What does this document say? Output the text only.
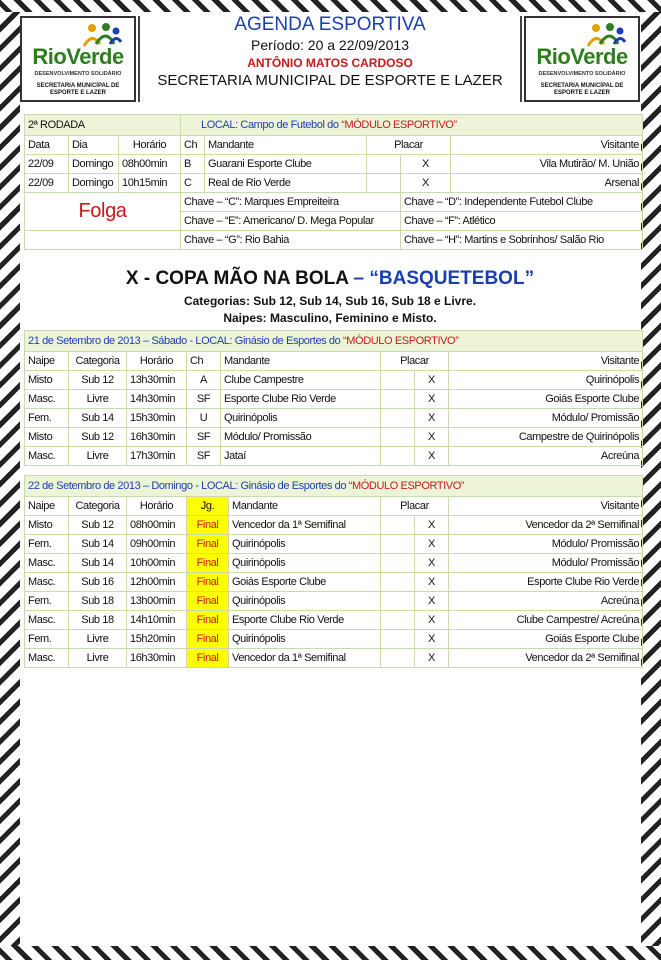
RioVerde
DESENVOLVIMENTO SOLIDÁRIO
SECRETARIA MUNICIPAL DE
ESPORTE E LAZER
AGENDA ESPORTIVA
Período: 20 a 22/09/2013
ANTÔNIO MATOS CARDOSO
SECRETARIA MUNICIPAL DE ESPORTE E LAZER
RioVerde
DESENVOLVIMENTO SOLIDÁRIO
SECRETARIA MUNICIPAL DE
ESPORTE E LAZER
2ª RODADA			LOCAL: Campo de Futebol do “MÓDULO ESPORTIVO”				
Data	Dia	Horário	Ch	Mandante	Placar		Visitante
22/09	Domingo	08h00min	B	Guarani Esporte Clube		X	Vila Mutirão/ M. União
22/09	Domingo	10h15min	C	Real de Rio Verde		X	Arsenal
Folga			Chave – “C”: Marques Empreiteira			Chave – “D”: Independente Futebol Clube	
			Chave – “E”: Americano/ D. Mega Popular			Chave – “F”: Atlético	
			Chave – “G”: Rio Bahia			Chave – “H”: Martins e Sobrinhos/ Salão Rio	
X - COPA MÃO NA BOLA – “BASQUETEBOL”
Categorias: Sub 12, Sub 14, Sub 16, Sub 18 e Livre.
Naipes: Masculino, Feminino e Misto.
21 de Setembro de 2013 – Sábado - LOCAL: Ginásio de Esportes do “MÓDULO ESPORTIVO”							
Naipe	Categoria	Horário	Ch	Mandante	Placar		Visitante
Misto	Sub 12	13h30min	A	Clube Campestre		X	Quirinópolis
Masc.	Livre	14h30min	SF	Esporte Clube Rio Verde		X	Goiás Esporte Clube
Fem.	Sub 14	15h30min	U	Quirinópolis		X	Módulo/ Promissão
Misto	Sub 12	16h30min	SF	Módulo/ Promissão		X	Campestre de Quirinópolis
Masc.	Livre	17h30min	SF	Jataí		X	Acreúna
22 de Setembro de 2013 – Domingo - LOCAL: Ginásio de Esportes do “MÓDULO ESPORTIVO”							
Naipe	Categoria	Horário	Jg.	Mandante	Placar		Visitante
Misto	Sub 12	08h00min	Final	Vencedor da 1ª Semifinal		X	Vencedor da 2ª Semifinal
Fem.	Sub 14	09h00min	Final	Quirinópolis		X	Módulo/ Promissão
Masc.	Sub 14	10h00min	Final	Quirinópolis		X	Módulo/ Promissão
Masc.	Sub 16	12h00min	Final	Goiás Esporte Clube		X	Esporte Clube Rio Verde
Fem.	Sub 18	13h00min	Final	Quirinópolis		X	Acreúna
Masc.	Sub 18	14h10min	Final	Esporte Clube Rio Verde		X	Clube Campestre/ Acreúna
Fem.	Livre	15h20min	Final	Quirinópolis		X	Goiás Esporte Clube
Masc.	Livre	16h30min	Final	Vencedor da 1ª Semifinal		X	Vencedor da 2ª Semifinal
